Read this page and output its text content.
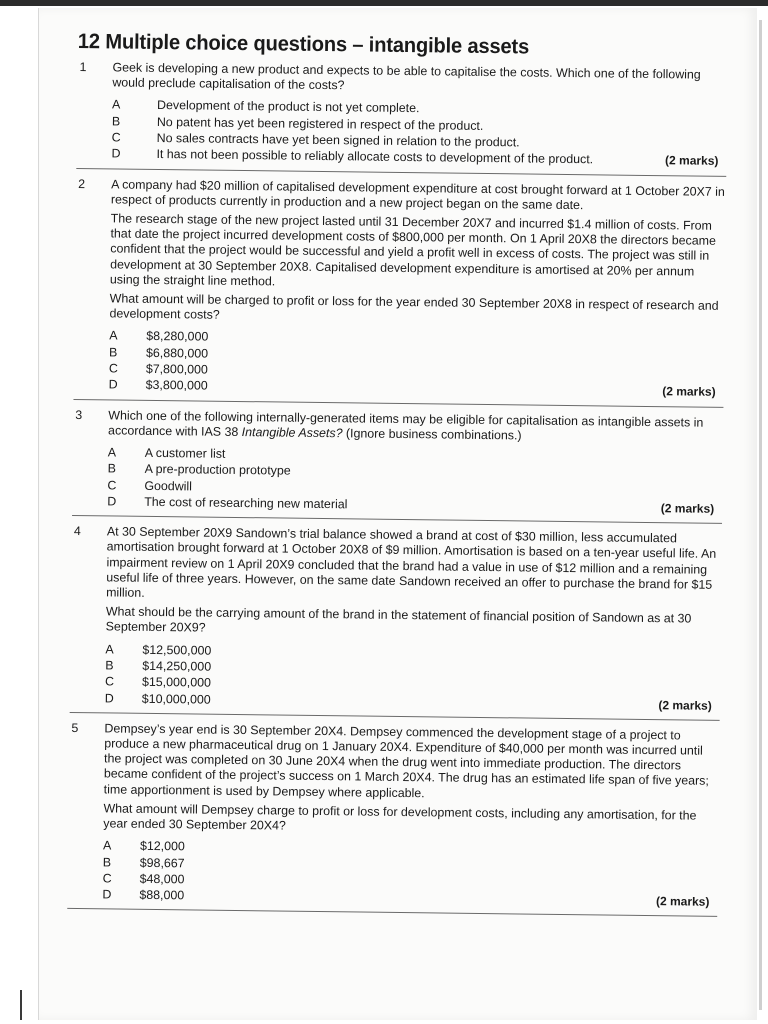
12 Multiple choice questions – intangible assets
1	Geek is developing a new product and expects to be able to capitalise the costs. Which one of the following would preclude capitalisation of the costs?

A	Development of the product is not yet complete.
B	No patent has yet been registered in respect of the product.
C	No sales contracts have yet been signed in relation to the product.
D	It has not been possible to reliably allocate costs to development of the product.	(2 marks)
2	A company had $20 million of capitalised development expenditure at cost brought forward at 1 October 20X7 in respect of products currently in production and a new project began on the same date.

The research stage of the new project lasted until 31 December 20X7 and incurred $1.4 million of costs. From that date the project incurred development costs of $800,000 per month. On 1 April 20X8 the directors became confident that the project would be successful and yield a profit well in excess of costs. The project was still in development at 30 September 20X8. Capitalised development expenditure is amortised at 20% per annum using the straight line method.

What amount will be charged to profit or loss for the year ended 30 September 20X8 in respect of research and development costs?

A	$8,280,000
B	$6,880,000
C	$7,800,000
D	$3,800,000	(2 marks)
3	Which one of the following internally-generated items may be eligible for capitalisation as intangible assets in accordance with IAS 38 Intangible Assets? (Ignore business combinations.)

A	A customer list
B	A pre-production prototype
C	Goodwill
D	The cost of researching new material	(2 marks)
4	At 30 September 20X9 Sandown’s trial balance showed a brand at cost of $30 million, less accumulated amortisation brought forward at 1 October 20X8 of $9 million. Amortisation is based on a ten-year useful life. An impairment review on 1 April 20X9 concluded that the brand had a value in use of $12 million and a remaining useful life of three years. However, on the same date Sandown received an offer to purchase the brand for $15 million.

What should be the carrying amount of the brand in the statement of financial position of Sandown as at 30 September 20X9?

A	$12,500,000
B	$14,250,000
C	$15,000,000
D	$10,000,000	(2 marks)
5	Dempsey’s year end is 30 September 20X4. Dempsey commenced the development stage of a project to produce a new pharmaceutical drug on 1 January 20X4. Expenditure of $40,000 per month was incurred until the project was completed on 30 June 20X4 when the drug went into immediate production. The directors became confident of the project’s success on 1 March 20X4. The drug has an estimated life span of five years; time apportionment is used by Dempsey where applicable.

What amount will Dempsey charge to profit or loss for development costs, including any amortisation, for the year ended 30 September 20X4?

A	$12,000
B	$98,667
C	$48,000
D	$88,000	(2 marks)
